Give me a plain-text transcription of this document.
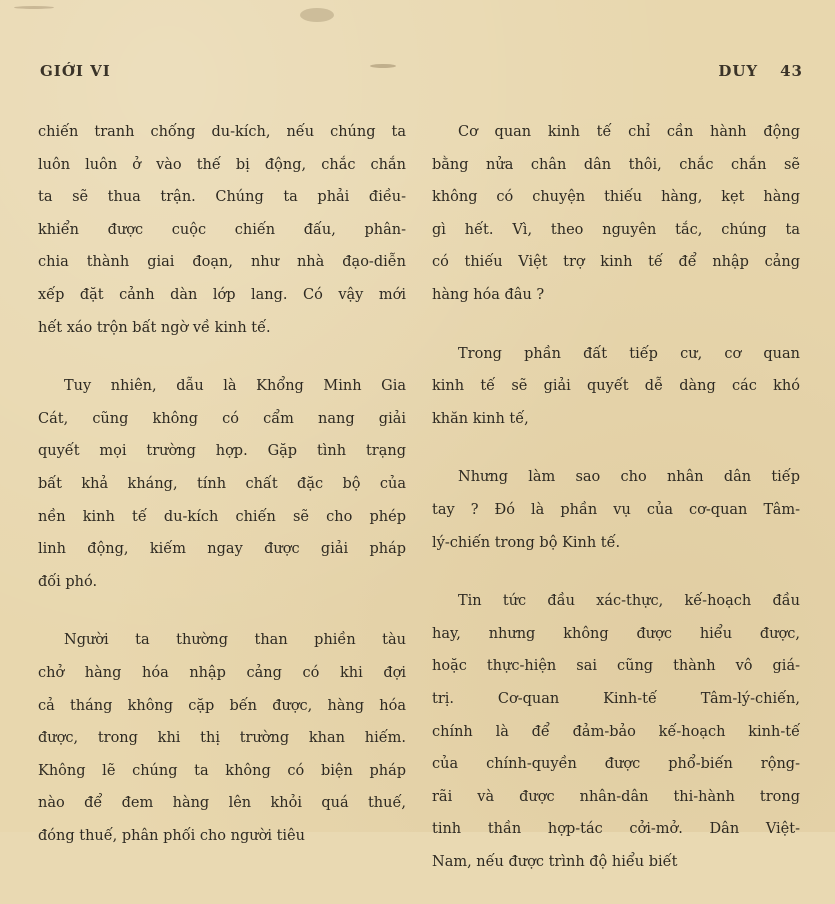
GIỚI VI	DUY 43
chiến tranh chống du-kích, nếu chúng ta
luôn luôn ở vào thế bị động, chắc chắn
ta sẽ thua trận. Chúng ta phải điều-
khiển được cuộc chiến đấu, phân-
chia thành giai đoạn, như nhà đạo-diễn
xếp đặt cảnh dàn lớp lang. Có vậy mới
hết xáo trộn bất ngờ về kinh tế.
Tuy nhiên, dẫu là Khổng Minh Gia
Cát, cũng không có cẩm nang giải
quyết mọi trường hợp. Gặp tình trạng
bất khả kháng, tính chất đặc bộ của
nền kinh tế du-kích chiến sẽ cho phép
linh động, kiếm ngay được giải pháp
đối phó.
Người ta thường than phiền tàu
chở hàng hóa nhập cảng có khi đợi
cả tháng không cặp bến được, hàng hóa
được, trong khi thị trường khan hiếm.
Không lẽ chúng ta không có biện pháp
nào để đem hàng lên khỏi quá thuế,
đóng thuế, phân phối cho người tiêu
Cơ quan kinh tế chỉ cần hành động
bằng nửa chân dân thôi, chắc chắn sẽ
không có chuyện thiếu hàng, kẹt hàng
gì hết. Vì, theo nguyên tắc, chúng ta
có thiếu Việt trợ kinh tế để nhập cảng
hàng hóa đâu ?
Trong phần đất tiếp cư, cơ quan
kinh tế sẽ giải quyết dễ dàng các khó
khăn kinh tế,
Nhưng làm sao cho nhân dân tiếp
tay ? Đó là phần vụ của cơ-quan Tâm-
lý-chiến trong bộ Kinh tế.
Tin tức đầu xác-thực, kế-hoạch đầu
hay, nhưng không được hiểu được,
hoặc thực-hiện sai cũng thành vô giá-
trị. Cơ-quan Kinh-tế Tâm-lý-chiến,
chính là để đảm-bảo kế-hoạch kinh-tế
của chính-quyền được phổ-biến rộng-
rãi và được nhân-dân thi-hành trong
tinh thần hợp-tác cởi-mở. Dân Việt-
Nam, nếu được trình độ hiểu biết
